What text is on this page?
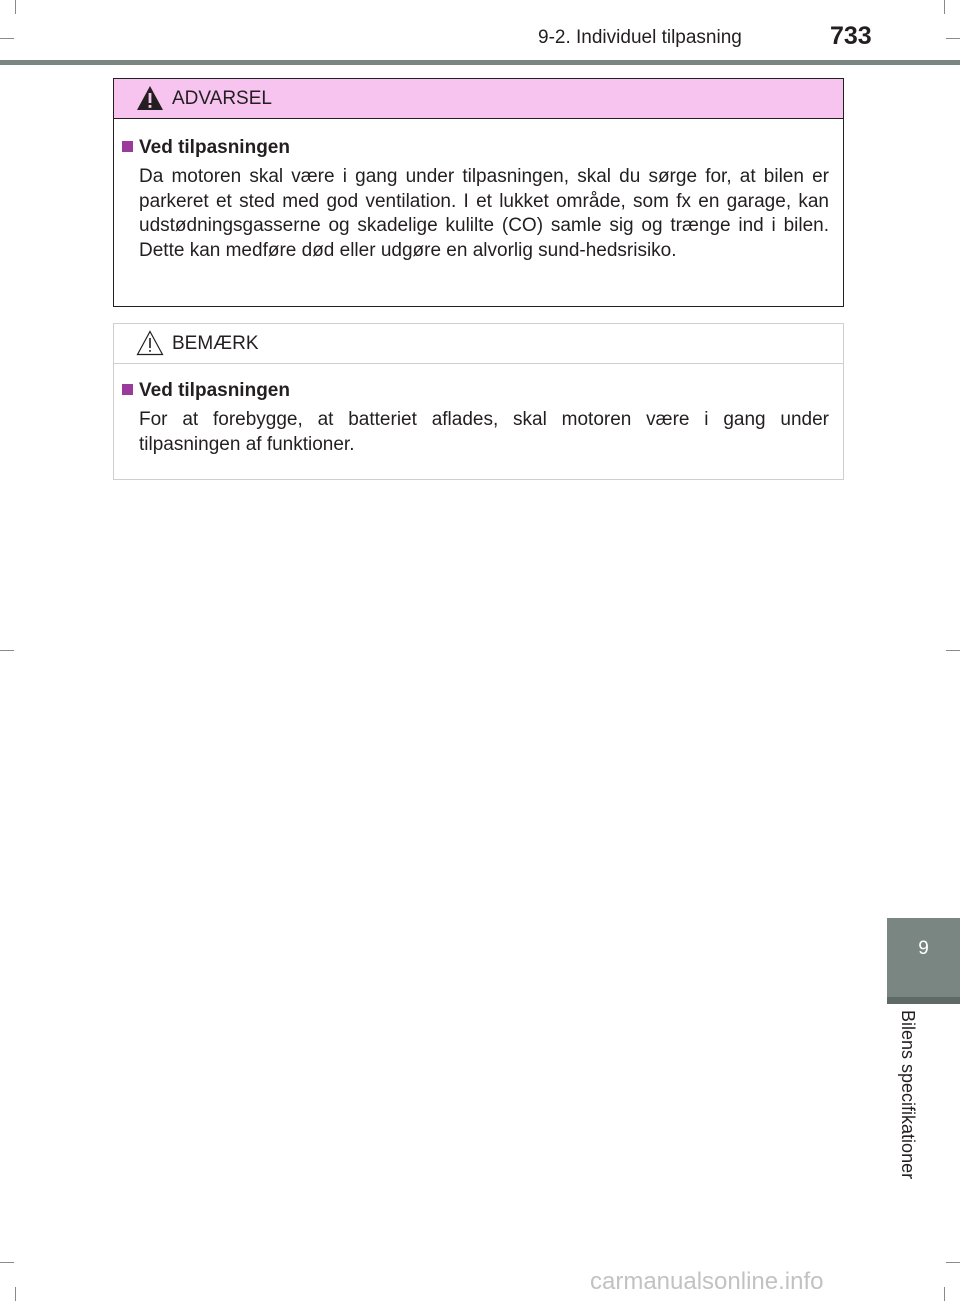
9-2. Individuel tilpasning	733
ADVARSEL
Ved tilpasningen
Da motoren skal være i gang under tilpasningen, skal du sørge for, at bilen er parkeret et sted med god ventilation. I et lukket område, som fx en garage, kan udstødningsgasserne og skadelige kulilte (CO) samle sig og trænge ind i bilen. Dette kan medføre død eller udgøre en alvorlig sund-hedsrisiko.
BEMÆRK
Ved tilpasningen
For at forebygge, at batteriet aflades, skal motoren være i gang under tilpasningen af funktioner.
9
Bilens specifikationer
carmanualsonline.info
